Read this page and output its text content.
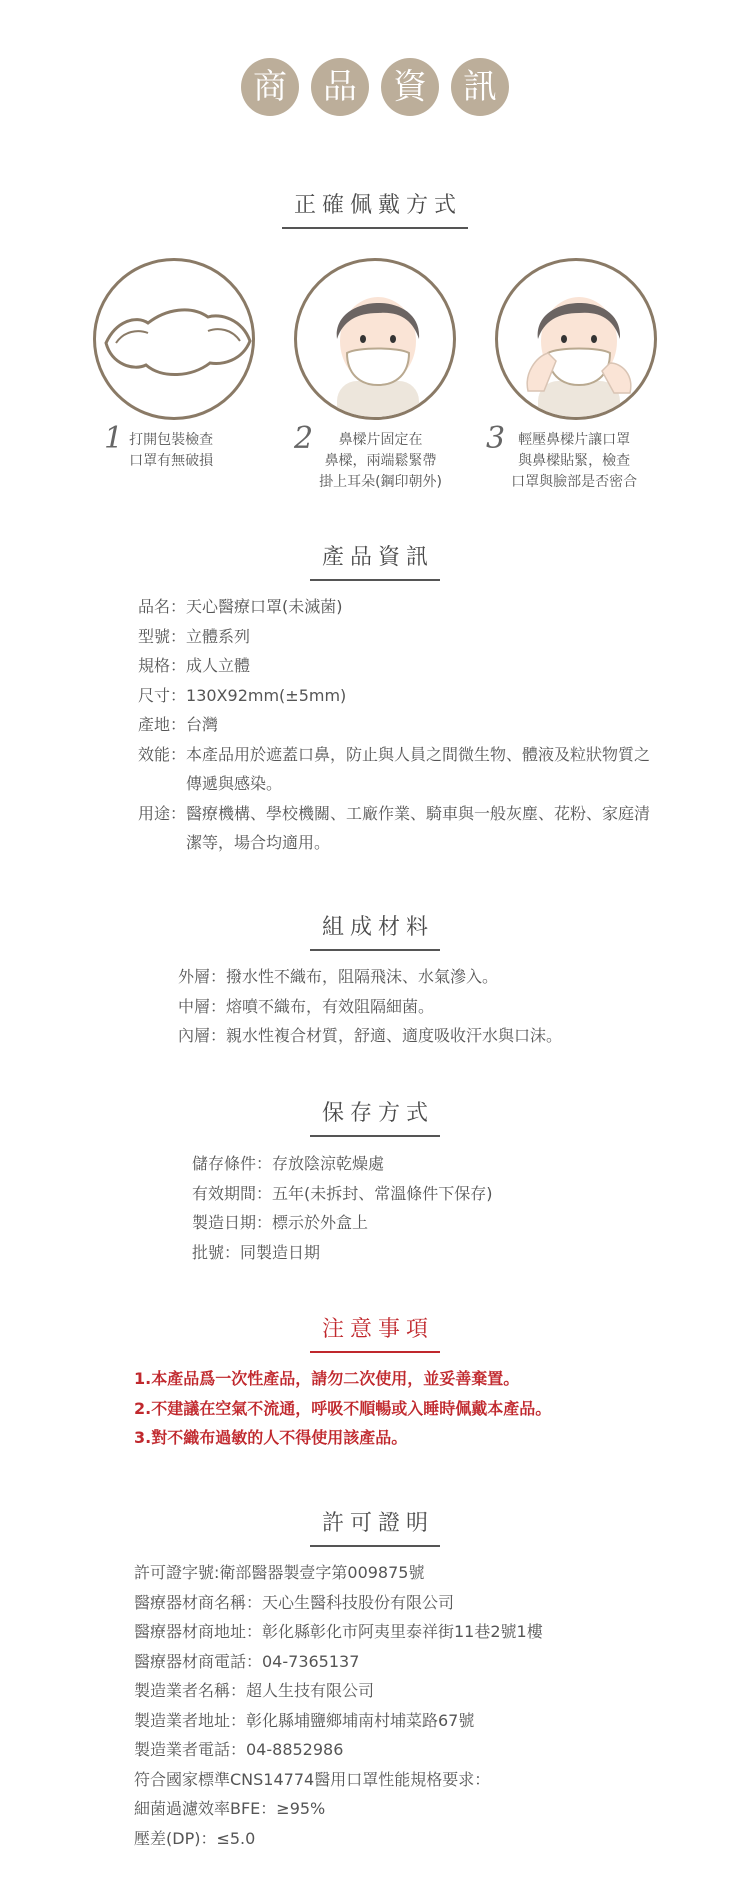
商	品	資	訊
正確佩戴方式
1 打開包裝檢查
口罩有無破損
2	鼻樑片固定在
鼻樑，兩端鬆緊帶
掛上耳朵(鋼印朝外)
3 輕壓鼻樑片讓口罩
與鼻樑貼緊，檢查
口罩與臉部是否密合
產品資訊
品名： 天心醫療口罩(未滅菌)
型號： 立體系列
規格： 成人立體
尺寸： 130X92mm(±5mm)
產地： 台灣
效能： 本產品用於遮蓋口鼻，防止與人員之間微生物、體液及粒狀物質之傳遞與感染。
用途： 醫療機構、學校機關、工廠作業、騎車與一般灰塵、花粉、家庭清潔等，場合均適用。
組成材料
外層：撥水性不織布，阻隔飛沫、水氣滲入。
中層：熔噴不織布，有效阻隔細菌。
內層：親水性複合材質，舒適、適度吸收汗水與口沫。
保存方式
儲存條件：存放陰涼乾燥處
有效期間：五年(未拆封、常溫條件下保存)
製造日期：標示於外盒上
批號：同製造日期
注意事項
1.本產品爲一次性產品，請勿二次使用，並妥善棄置。
2.不建議在空氣不流通，呼吸不順暢或入睡時佩戴本產品。
3.對不織布過敏的人不得使用該產品。
許可證明
許可證字號:衛部醫器製壹字第009875號
醫療器材商名稱：天心生醫科技股份有限公司
醫療器材商地址：彰化縣彰化市阿夷里泰祥街11巷2號1樓
醫療器材商電話：04-7365137
製造業者名稱：超人生技有限公司
製造業者地址：彰化縣埔鹽鄉埔南村埔菜路67號
製造業者電話：04-8852986
符合國家標準CNS14774醫用口罩性能規格要求：
細菌過濾效率BFE：≥95%
壓差(DP)：≤5.0
